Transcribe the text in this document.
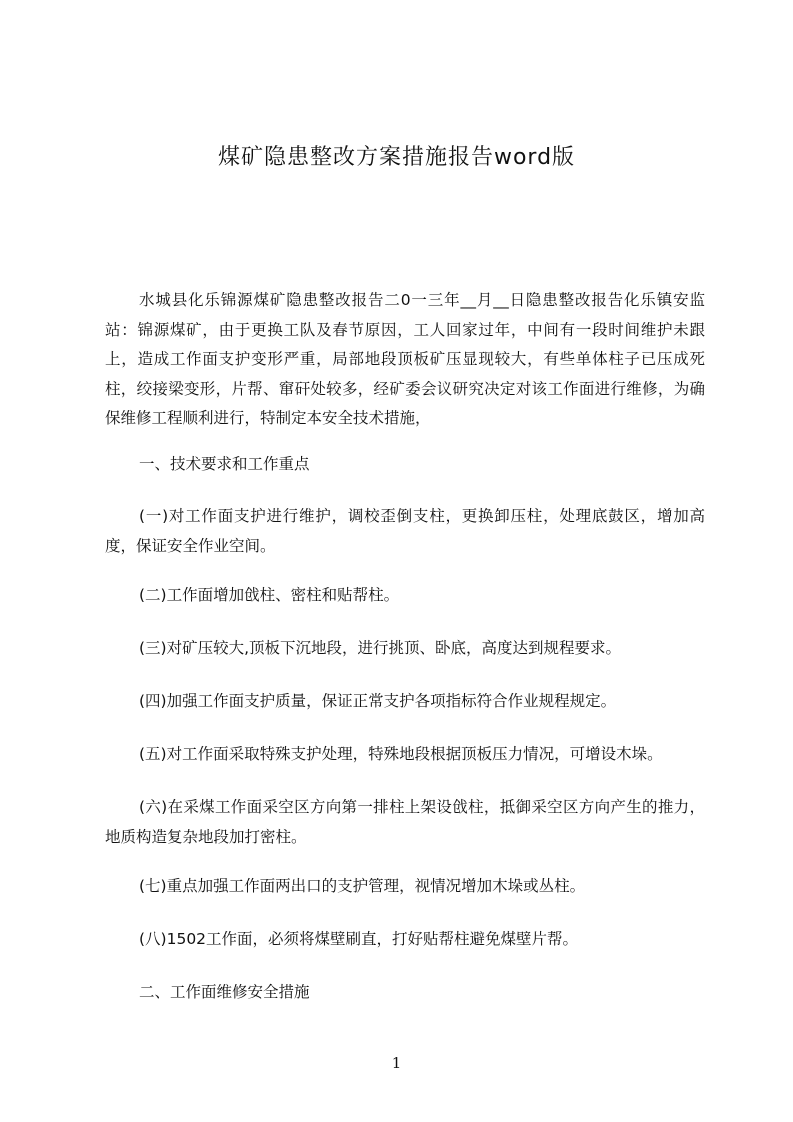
煤矿隐患整改方案措施报告word版

水城县化乐锦源煤矿隐患整改报告二0一三年__月__日隐患整改报告化乐镇安监站：锦源煤矿，由于更换工队及春节原因，工人回家过年，中间有一段时间维护未跟上，造成工作面支护变形严重，局部地段顶板矿压显现较大，有些单体柱子已压成死柱，绞接梁变形，片帮、窜矸处较多，经矿委会议研究决定对该工作面进行维修，为确保维修工程顺利进行，特制定本安全技术措施，

一、技术要求和工作重点

(一)对工作面支护进行维护，调校歪倒支柱，更换卸压柱，处理底鼓区，增加高度，保证安全作业空间。

(二)工作面增加戗柱、密柱和贴帮柱。

(三)对矿压较大,顶板下沉地段，进行挑顶、卧底，高度达到规程要求。

(四)加强工作面支护质量，保证正常支护各项指标符合作业规程规定。

(五)对工作面采取特殊支护处理，特殊地段根据顶板压力情况，可增设木垛。

(六)在采煤工作面采空区方向第一排柱上架设戗柱，抵御采空区方向产生的推力，地质构造复杂地段加打密柱。

(七)重点加强工作面两出口的支护管理，视情况增加木垛或丛柱。

(八)1502工作面，必须将煤壁刷直，打好贴帮柱避免煤壁片帮。

二、工作面维修安全措施

1
